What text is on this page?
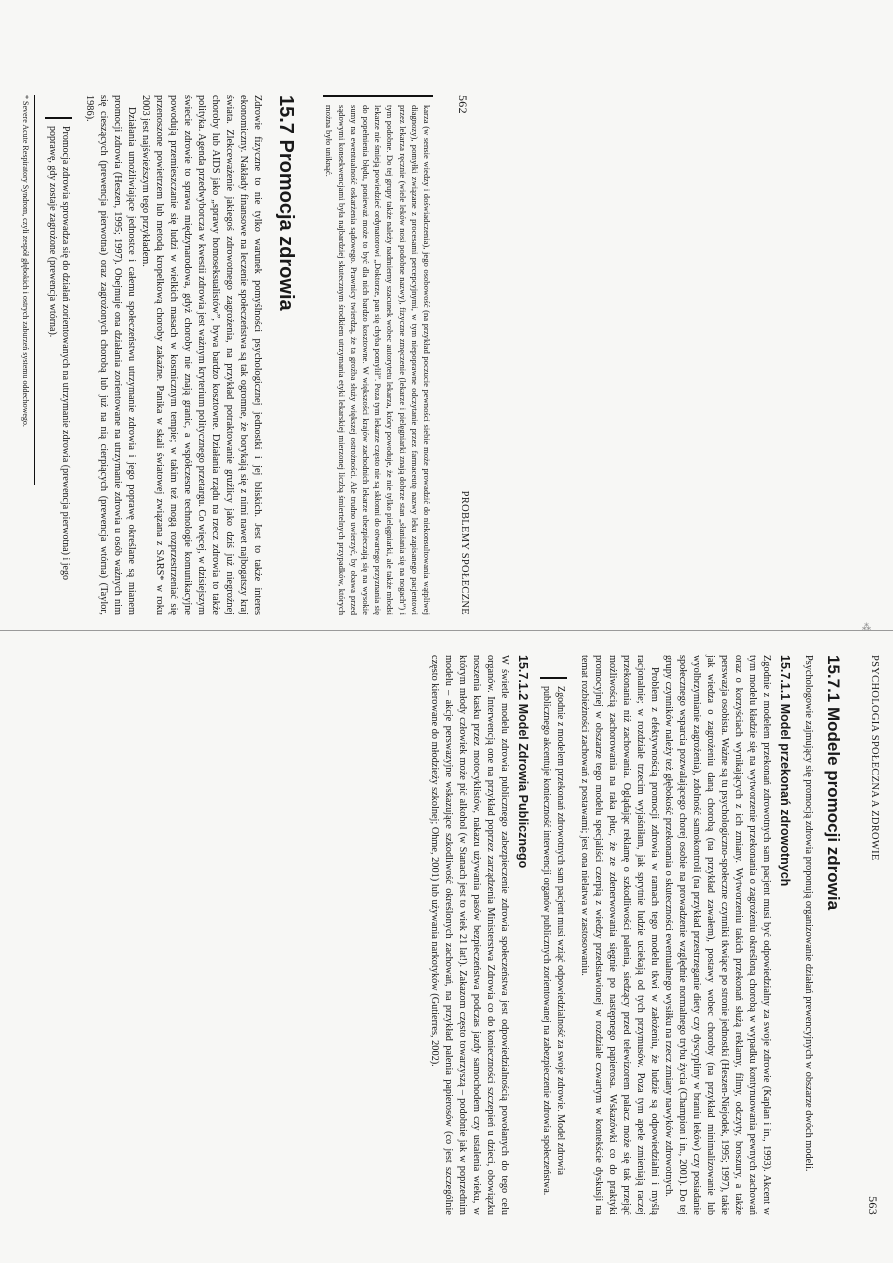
⁂
562
PROBLEMY SPOŁECZNE
karza (w sensie wiedzy i doświadczenia), jego osobowość (na przykład poczucie pewności siebie może prowadzić do niekonsultowania wątpliwej diagnozy), pomyłki związane z procesami percepcyjnymi, w tym niepoprawne odczytanie przez farmaceutę nazwy leku zapisanego pacjentowi przez lekarza ręcznie (wiele leków nosi podobne nazwy), fizyczne zmęczenie (lekarze i pielęgniarki znają dobrze stan „słaniania się na nogach”) i tym podobne. Do tej grupy także należy nadmierny szacunek wobec autorytetu lekarza, który powoduje, że nie tylko pielęgniarki, ale także młodsi lekarze nie śmieją powiedzieć ordynatorowi „Doktorze, pan się chyba pomylił”. Poza tym lekarze często nie są skłonni do otwartego przyznania się do popełnienia błędu, ponieważ może to być dla nich bardzo kosztowne. W większości krajów zachodnich lekarze ubezpieczają się na wysokie sumy na ewentualność oskarżenia sądowego. Prawnicy twierdzą, że ta groźba służy większej ostrożności. Ale trudno uwierzyć, by obawa przed sądowymi konsekwencjami była najbardziej skutecznym środkiem utrzymania etyki lekarskiej mierzonej liczbą śmiertelnych przypadków, których można było uniknąć.
15.7 Promocja zdrowia

Zdrowie fizyczne to nie tylko warunek pomyślności psychologicznej jednostki i jej bliskich. Jest to także interes ekonomiczny. Nakłady finansowe na leczenie społeczeństwa są tak ogromne, że borykają się z nimi nawet najbogatszy kraj świata. Zlekceważenie jakiegoś zdrowotnego zagrożenia, na przykład potraktowanie gruźlicy jako dziś już niegroźnej choroby lub AIDS jako „sprawy homoseksualistów”, bywa bardzo kosztowne. Działania rządu na rzecz zdrowia to także polityka. Agenda przedwyborcza w kwestii zdrowia jest ważnym kryterium politycznego przetargu. Co więcej, w dzisiejszym świecie zdrowie to sprawa międzynarodowa, gdyż choroby nie znają granic, a współczesne technologie komunikacyjne powodują przemieszczanie się ludzi w wielkich masach w kosmicznym tempie; w takim też mogą rozprzestrzeniać się przenoszone powietrzem lub metodą kropelkową choroby zakaźne. Panika w skali światowej związana z SARS* w roku 2003 jest najświeższym tego przykładem.

Działania umożliwiające jednostce i całemu społeczeństwu utrzymanie zdrowia i jego poprawę określane są mianem promocji zdrowia (Heszen, 1995; 1997). Obejmuje ona działania zorientowane na utrzymanie zdrowia u osób ważnych nim się cieszących (prewencja pierwotna) oraz zagrożonych chorobą lub już na nią cierpiących (prewencja wtórna) (Taylor, 1986).

Promocja zdrowia sprowadza się do działań zorientowanych na utrzymanie zdrowia (prewencja pierwotna) i jego poprawę, gdy zostaje zagrożone (prewencja wtórna).
* Severe Acute Respiratory Syndrom, czyli zespół głębokich i ostrych zaburzeń systemu oddechowego.
PSYCHOLOGIA SPOŁECZNA A ZDROWIE
563
15.7.1 Modele promocji zdrowia

Psychologowie zajmujący się promocją zdrowia proponują organizowanie działań prewencyjnych w obszarze dwóch modeli.

15.7.1.1 Model przekonań zdrowotnych

Zgodnie z modelem przekonań zdrowotnych sam pacjent musi być odpowiedzialny za swoje zdrowie (Kaplan i in., 1993). Akcent w tym modelu kładzie się na wytworzenie przekonania o zagrożeniu określoną chorobą w wypadku kontynuowania pewnych zachowań oraz o korzyściach wynikających z ich zmiany. Wytworzeniu takich przekonań służą reklamy, filmy, odczyty, broszury, a także perswazja osobista. Ważne są tu psychologiczno-społeczne czynniki tkwiące po stronie jednostki (Heszen-Niejodek, 1995; 1997), takie jak wiedza o zagrożeniu daną chorobą (na przykład zawałem), postawy wobec choroby (na przykład minimalizowanie lub wyolbrzymianie zagrożenia), zdolność samokontroli (na przykład przestrzeganie diety czy dyscypliny w braniu leków) czy posiadanie społecznego wsparcia pozwalającego chorej osobie na prowadzenie względnie normalnego trybu życia (Champion i in., 2001). Do tej grupy czynników należy też głębokość przekonania o skuteczności ewentualnego wysiłku na rzecz zmiany nawyków zdrowotnych.

Problem z efektywnością promocji zdrowia w ramach tego modelu tkwi w założeniu, że ludzie są odpowiedzialni i myślą racjonalnie; w rozdziale trzecim wyjaśniłam, jak sprytnie ludzie uciekają od tych przymusów. Poza tym apele zmieniają raczej przekonania niż zachowania. Oglądając reklamę o szkodliwości palenia, siedzący przed telewizorem palacz może się tak przejąć możliwością zachorowania na raka płuc, że ze zdenerwowania sięgnie po następnego papierosa. Wskazówki co do praktyki promocyjnej w obszarze tego modelu specjaliści czerpią z wiedzy przedstawionej w rozdziale czwartym w kontekście dyskusji na temat rozbieżności zachowań z postawami; jest ona nielatwa w zastosowaniu.

Zgodnie z modelem przekonań zdrowotnych sam pacjent musi wziąć odpowiedzialność za swoje zdrowie. Model zdrowia publicznego akcentuje konieczność interwencji organów publicznych zorientowanej na zabezpieczenie zdrowia społeczeństwa.
15.7.1.2 Model Zdrowia Publicznego

W świetle modelu zdrowia publicznego zabezpieczenie zdrowia społeczeństwa jest odpowiedzialnością powołanych do tego celu organów. Interwencją one na przykład poprzez zarządzenia Ministerstwa Zdrowia co do konieczności szczepień u dzieci, obowiązku noszenia kasku przez motocyklistów, nakazu używania pasów bezpieczeństwa podczas jazdy samochodem czy ustalenia wieku, w którym młody człowiek może pić alkohol (w Stanach jest to wiek 21 lat!). Zakazom często towarzyszą – podobnie jak w poprzednim modelu – akcje perswazyjne wskazujące szkodliwość określonych zachowań, na przykład palenia papierosów (co jest szczególnie często kierowane do młodzieży szkolnej; Ohme, 2001) lub używania narkotyków (Gutierres, 2002).
